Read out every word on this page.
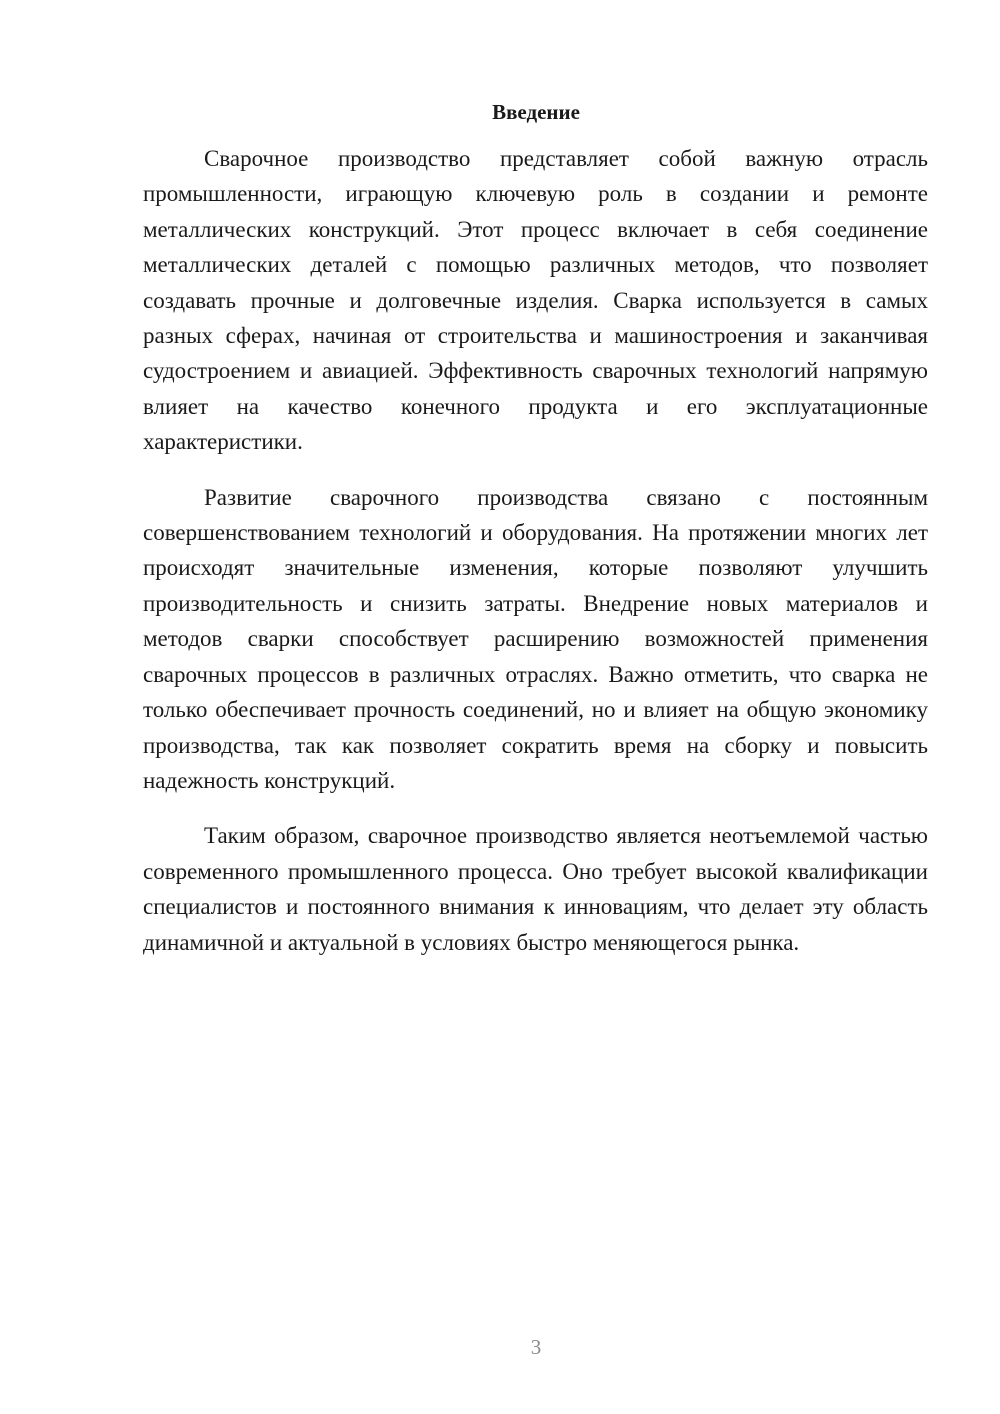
Введение

Сварочное производство представляет собой важную отрасль промышленности, играющую ключевую роль в создании и ремонте металлических конструкций. Этот процесс включает в себя соединение металлических деталей с помощью различных методов, что позволяет создавать прочные и долговечные изделия. Сварка используется в самых разных сферах, начиная от строительства и машиностроения и заканчивая судостроением и авиацией. Эффективность сварочных технологий напрямую влияет на качество конечного продукта и его эксплуатационные характеристики.

Развитие сварочного производства связано с постоянным совершенствованием технологий и оборудования. На протяжении многих лет происходят значительные изменения, которые позволяют улучшить производительность и снизить затраты. Внедрение новых материалов и методов сварки способствует расширению возможностей применения сварочных процессов в различных отраслях. Важно отметить, что сварка не только обеспечивает прочность соединений, но и влияет на общую экономику производства, так как позволяет сократить время на сборку и повысить надежность конструкций.

Таким образом, сварочное производство является неотъемлемой частью современного промышленного процесса. Оно требует высокой квалификации специалистов и постоянного внимания к инновациям, что делает эту область динамичной и актуальной в условиях быстро меняющегося рынка.

3
